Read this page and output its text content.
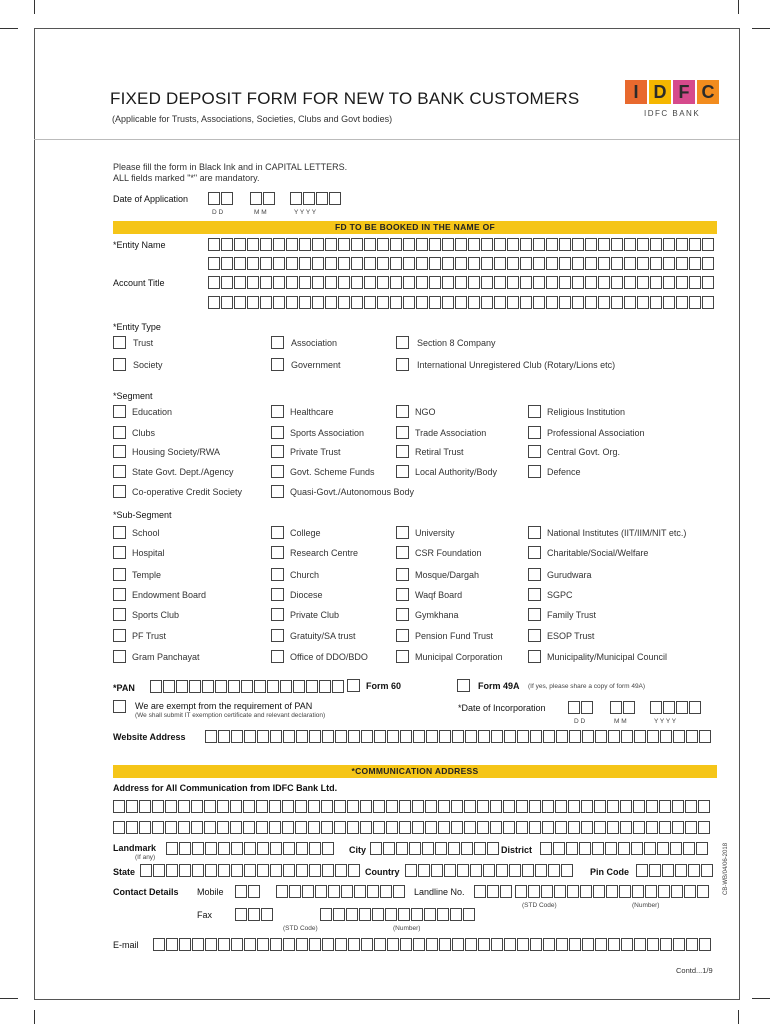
FIXED DEPOSIT FORM FOR NEW TO BANK CUSTOMERS
(Applicable for Trusts, Associations, Societies, Clubs and Govt bodies)
I D F C
IDFC BANK
Please fill the form in Black Ink and in CAPITAL LETTERS.
ALL fields marked "*" are mandatory.
Date of Application
D D	M M	Y Y Y Y
FD TO BE BOOKED IN THE NAME OF
*Entity Name
Account Title
*Entity Type
Trust	Association	Section 8 Company
Society	Government	International Unregistered Club (Rotary/Lions etc)
*Segment
Education	Healthcare	NGO	Religious Institution
Clubs	Sports Association	Trade Association	Professional Association
Housing Society/RWA	Private Trust	Retiral Trust	Central Govt. Org.
State Govt. Dept./Agency	Govt. Scheme Funds	Local Authority/Body	Defence
Co-operative Credit Society	Quasi-Govt./Autonomous Body
*Sub-Segment
School	College	University	National Institutes (IIT/IIM/NIT etc.)
Hospital	Research Centre	CSR Foundation	Charitable/Social/Welfare
Temple	Church	Mosque/Dargah	Gurudwara
Endowment Board	Diocese	Waqf Board	SGPC
Sports Club	Private Club	Gymkhana	Family Trust
PF Trust	Gratuity/SA trust	Pension Fund Trust	ESOP Trust
Gram Panchayat	Office of DDO/BDO	Municipal Corporation	Municipality/Municipal Council
*PAN	Form 60	Form 49A (If yes, please share a copy of form 49A)
We are exempt from the requirement of PAN
(We shall submit IT exemption certificate and relevant declaration)
*Date of Incorporation
D D	M M	Y Y Y Y
Website Address
*COMMUNICATION ADDRESS
Address for All Communication from IDFC Bank Ltd.
Landmark
(If any)
City	District
State	Country	Pin Code
Contact Details Mobile	Landline No.
(STD Code)	(Number)
Fax
(STD Code)	(Number)
E-mail
CB-WB/04/06-2018
Contd...1/9
